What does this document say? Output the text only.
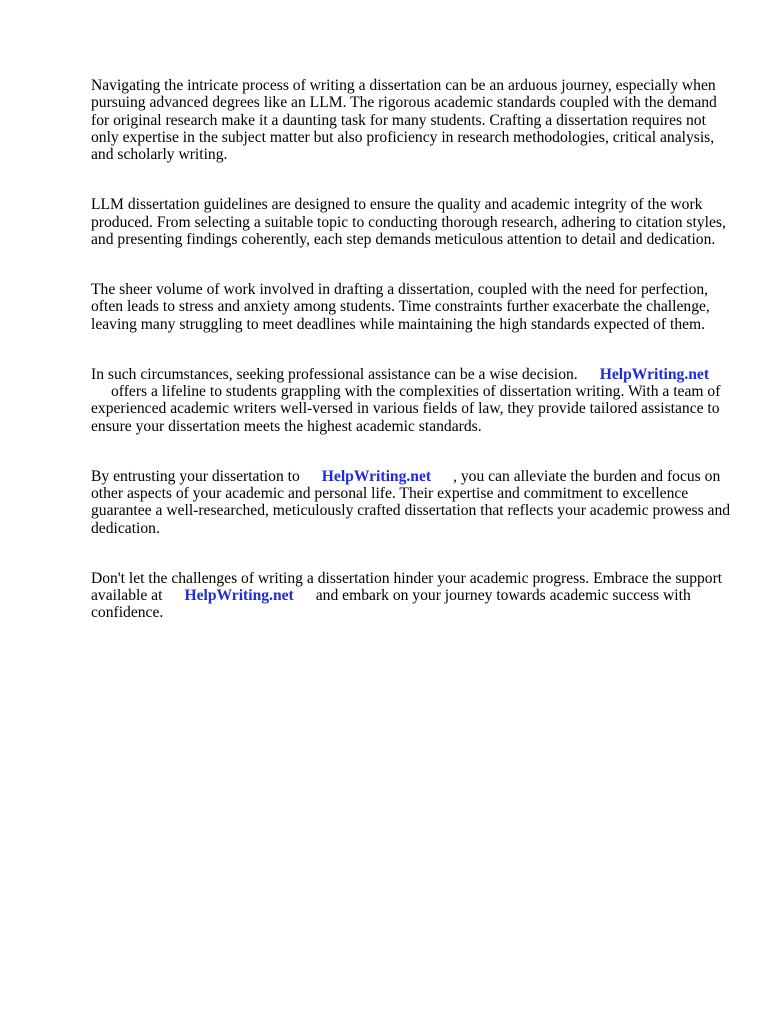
Navigating the intricate process of writing a dissertation can be an arduous journey, especially when pursuing advanced degrees like an LLM. The rigorous academic standards coupled with the demand for original research make it a daunting task for many students. Crafting a dissertation requires not only expertise in the subject matter but also proficiency in research methodologies, critical analysis, and scholarly writing.

LLM dissertation guidelines are designed to ensure the quality and academic integrity of the work produced. From selecting a suitable topic to conducting thorough research, adhering to citation styles, and presenting findings coherently, each step demands meticulous attention to detail and dedication.

The sheer volume of work involved in drafting a dissertation, coupled with the need for perfection, often leads to stress and anxiety among students. Time constraints further exacerbate the challenge, leaving many struggling to meet deadlines while maintaining the high standards expected of them.

In such circumstances, seeking professional assistance can be a wise decision. HelpWriting.net
offers a lifeline to students grappling with the complexities of dissertation writing. With a team of experienced academic writers well-versed in various fields of law, they provide tailored assistance to ensure your dissertation meets the highest academic standards.

By entrusting your dissertation to HelpWriting.net , you can alleviate the burden and focus on other aspects of your academic and personal life. Their expertise and commitment to excellence guarantee a well-researched, meticulously crafted dissertation that reflects your academic prowess and dedication.

Don't let the challenges of writing a dissertation hinder your academic progress. Embrace the support available at HelpWriting.net and embark on your journey towards academic success with confidence.
